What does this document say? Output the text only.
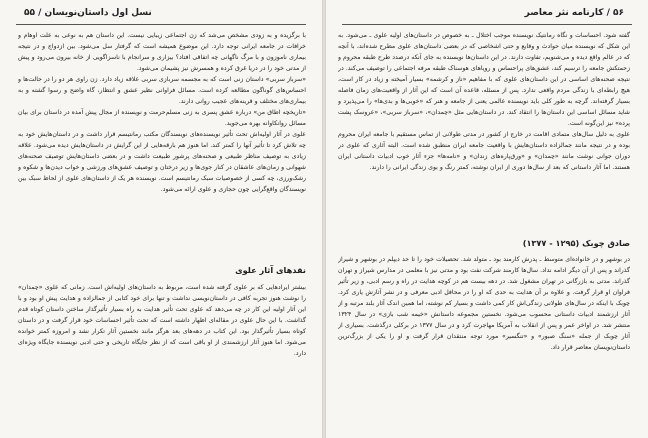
نسل اول داستان‌نویسان / ۵۵

با برگزیده و به زودی مشخص می‌شد که زن اجتماعی زیبایی نیست. این داستان هم به نوعی به علت اوهام و خرافات در جامعه ایرانی توجه دارد. این موضوع همیشه است که گرفتار سل می‌شود. بین ازدواج و در نتیجه بیماری ناموزون و با مرگ ناگهانی چه اتفاقی افتاد؟ بیزاری و سرانجام با ناسزاگویی از خانه بیرون می‌رود و پیش از مدتی خود را در دریا غرق کرده و همسرش نیز پشیمان می‌شود.

«سرباز سربی» داستان زنی است که به مجسمه سربازی سربی علاقه زیاد دارد. زن راوی هر دو را در حالت‌ها و احساس‌های گوناگون مطالعه کرده است. مسائل فراوانی نظیر عشق و انتظار، گاه واضح و رسوا گشته و به بیماری‌های مختلف و قرینه‌های عجیب روانی دارند.

«تاریخچه اطاق من» درباره عشق پسری به زنی مسلم‌حرمت و نویسنده از مجال پیش آمده در داستان برای بیان مسائل روانکاوانه بهره می‌جوید.

علوی در آثار اولیه‌اش تحت تأثیر نویسنده‌های نویسندگان مکتب رمانتیسم قرار داشت و در داستان‌هایش خود به چه تلاش کرد تا تأثیر آنها را کمتر کند. اما هنوز هم بارقه‌هایی از این گرایش در داستان‌هایش دیده می‌شود. علاقه زیادی به توصیف مناظر طبیعی و صحنه‌های پرشور طبیعت داشت و در بعضی داستان‌هایش توصیف صحنه‌های شهوانی و زمان‌های عاشقان در کنار جوی‌ها و زیر درختان و توصیف عشق‌های ورزشی و خواب دیدن‌ها و شکوه و رشک‌ورزی، چه کسی از خصوصیات سبک رمانتیسم است. نویسنده هر یک از داستان‌های علوی از لحاظ سبک بین نویسندگان واقع‌گرایی چون حجازی و علوی ارائه می‌شود.

نقدهای آثار علوی

بیشتر ایرادهایی که بر علوی گرفته شده است، مربوط به داستان‌های اولیه‌اش است. زمانی که علوی «چمدان» را نوشت هنوز تجربه کافی در داستان‌نویسی نداشت و تنها برای خود کتابی از جمالزاده و هدایت پیش او بود و با این آثار اولیه این کار در چه می‌دهد که علوی تحت تأثیر هدایت به راه بسیار تأثیرگذار ساختن داستان کوتاه قدم گذاشت. با این حال علوی در مقاله‌ای اظهار داشته است که تحت تأثیر احساسات خود قرار گرفت و در داستان کوتاه بسیار تأثیرگذار بود. این کتاب در دهه‌های بعد هرگز مانند نخستین آثار تکرار نشد و امروزه کمتر خوانده می‌شود. اما هنوز آثار ارزشمندی از او باقی است که از نظر جایگاه تاریخی و حتی ادبی نویسنده جایگاه ویژه‌ای دارد.

۵۶ / کارنامه نثر معاصر

گفته شود. احساسات و نگاه رمانتیک نویسنده موجب اختلال ـ به خصوص در داستان‌های اولیه علوی ـ می‌شود. به این شکل که نویسنده میان حوادث و وقایع و حتی اشخاصی که در بعضی داستان‌های علوی مطرح شده‌اند، با آنچه که در عالم واقع دیده و می‌شنویم، تفاوت دارند. در این داستان‌ها نویسنده به جای آنکه درصدد طرح طبقه محروم و زحمتکش جامعه را ترسیم کند، عشق‌های پراحساس و رویاهای هوسناک طبقه مرفه اجتماعی را توصیف می‌کند. در نتیجه صحنه‌های اساسی در این داستان‌های علوی که با مفاهیم «ناز و کرشمه» بسیار آمیخته و زیاد در کار است، هیچ رابطه‌ای با زندگی مردم واقعی ندارد. پس از مسئله، قاعده آن است که این آثار از واقعیت‌های زمان فاصله بسیار گرفته‌اند. گرچه به طور کلی باید نویسنده عالمی یعنی از جامعه و هنر که «خوبی‌ها و بدی‌ها» را می‌پذیرد و شاید مسائل اساسی این داستان‌ها را انتقاد کند. در داستان‌هایی مثل «چمدان»، «سرباز سربی»، «عروسک پشت پرده» نیز این‌گونه است.

علوی به دلیل سال‌های متمادی اقامت در خارج از کشور در مدتی طولانی از تماس مستقیم با جامعه ایران محروم بوده و در نتیجه مانند جمالزاده داستان‌هایش با واقعیت جامعه ایران منطبق شده است. البته آثاری که علوی در دوران جوانی نوشت مانند «چمدان» و «ورق‌پاره‌های زندان» و «نامه‌ها» جزء آثار خوب ادبیات داستانی ایران هستند. اما آثار داستانی که بعد از سال‌ها دوری از ایران نوشته، کمتر رنگ و بوی زندگی ایرانی را دارند.

صادق چوبک (۱۲۹۵ - ۱۳۷۷)

در بوشهر و در خانواده‌ای متوسط ـ پدرش کارمند بود ـ متولد شد. تحصیلات خود را تا حد دیپلم در بوشهر و شیراز گذراند و پس از آن دیگر ادامه نداد. سال‌ها کارمند شرکت نفت بود و مدتی نیز با معلمی در مدارس شیراز و تهران گذراند. مدتی به بازرگانی در تهران مشغول شد. در دهه بیست هم در کوچه هدایت در راه و رسم ادبی، و زیر تأثیر فراوان او قرار گرفت. و علاوه بر آن هدایت به حدی که او را در محافل ادبی معرفی و در نشر آثارش یاری کرد. چوبک با اینکه در سال‌های طولانی زندگی‌اش کار کمی داشت و بسیار کم نوشته، اما همین اندک آثار بلند مرتبه و از آثار ارزشمند ادبیات داستانی محسوب می‌شود. نخستین مجموعه داستانش «خیمه شب بازی» در سال ۱۳۲۴ منتشر شد. در اواخر عمر و پس از انقلاب به آمریکا مهاجرت کرد و در سال ۱۳۷۷ در برکلی درگذشت. بسیاری از آثار چوبک از جمله «سنگ صبور» و «تنگسیر» مورد توجه منتقدان قرار گرفت و او را یکی از بزرگ‌ترین داستان‌نویسان معاصر قرار داد.
